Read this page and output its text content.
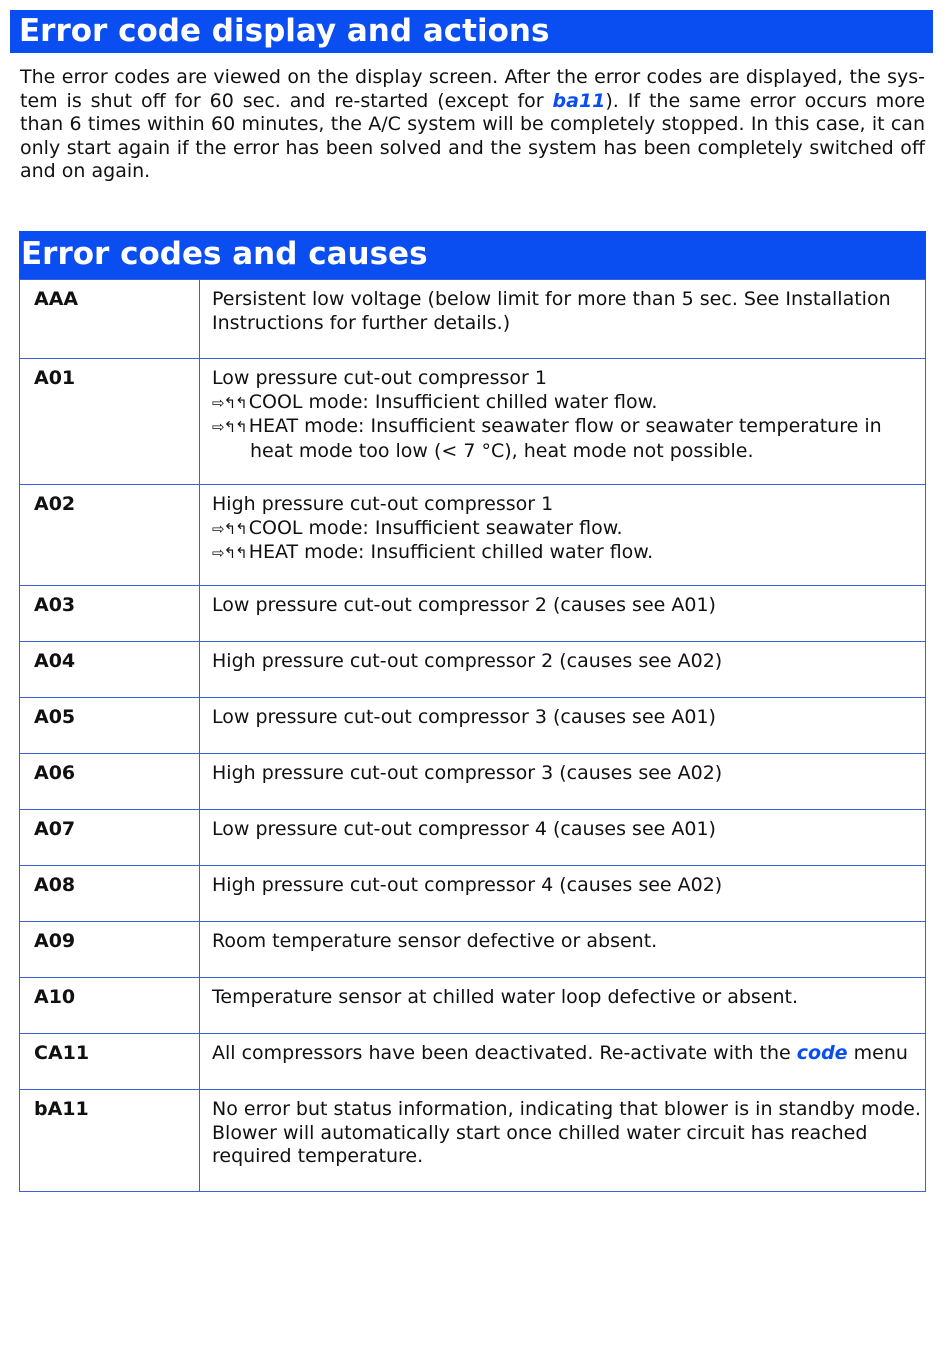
Error code display and actions

The error codes are viewed on the display screen. After the error codes are displayed, the sys-tem is shut off for 60 sec. and re-started (except for ba11). If the same error occurs more than 6 times within 60 minutes, the A/C system will be completely stopped. In this case, it can only start again if the error has been solved and the system has been completely switched off and on again.

Error codes and causes
AAA	Persistent low voltage (below limit for more than 5 sec. See Installation Instructions for further details.)
A01	Low pressure cut-out compressor 1
⇨↰↰ COOL mode: Insufficient chilled water flow.
⇨↰↰ HEAT mode: Insufficient seawater flow or seawater temperature in
heat mode too low (< 7 °C), heat mode not possible.

A02	High pressure cut-out compressor 1
⇨↰↰ COOL mode: Insufficient seawater flow.
⇨↰↰ HEAT mode: Insufficient chilled water flow.

A03	Low pressure cut-out compressor 2 (causes see A01)
A04	High pressure cut-out compressor 2 (causes see A02)
A05	Low pressure cut-out compressor 3 (causes see A01)
A06	High pressure cut-out compressor 3 (causes see A02)
A07	Low pressure cut-out compressor 4 (causes see A01)
A08	High pressure cut-out compressor 4 (causes see A02)
A09	Room temperature sensor defective or absent.
A10	Temperature sensor at chilled water loop defective or absent.
CA11	All compressors have been deactivated. Re-activate with the code menu
bA11	No error but status information, indicating that blower is in standby mode. Blower will automatically start once chilled water circuit has reached required temperature.
